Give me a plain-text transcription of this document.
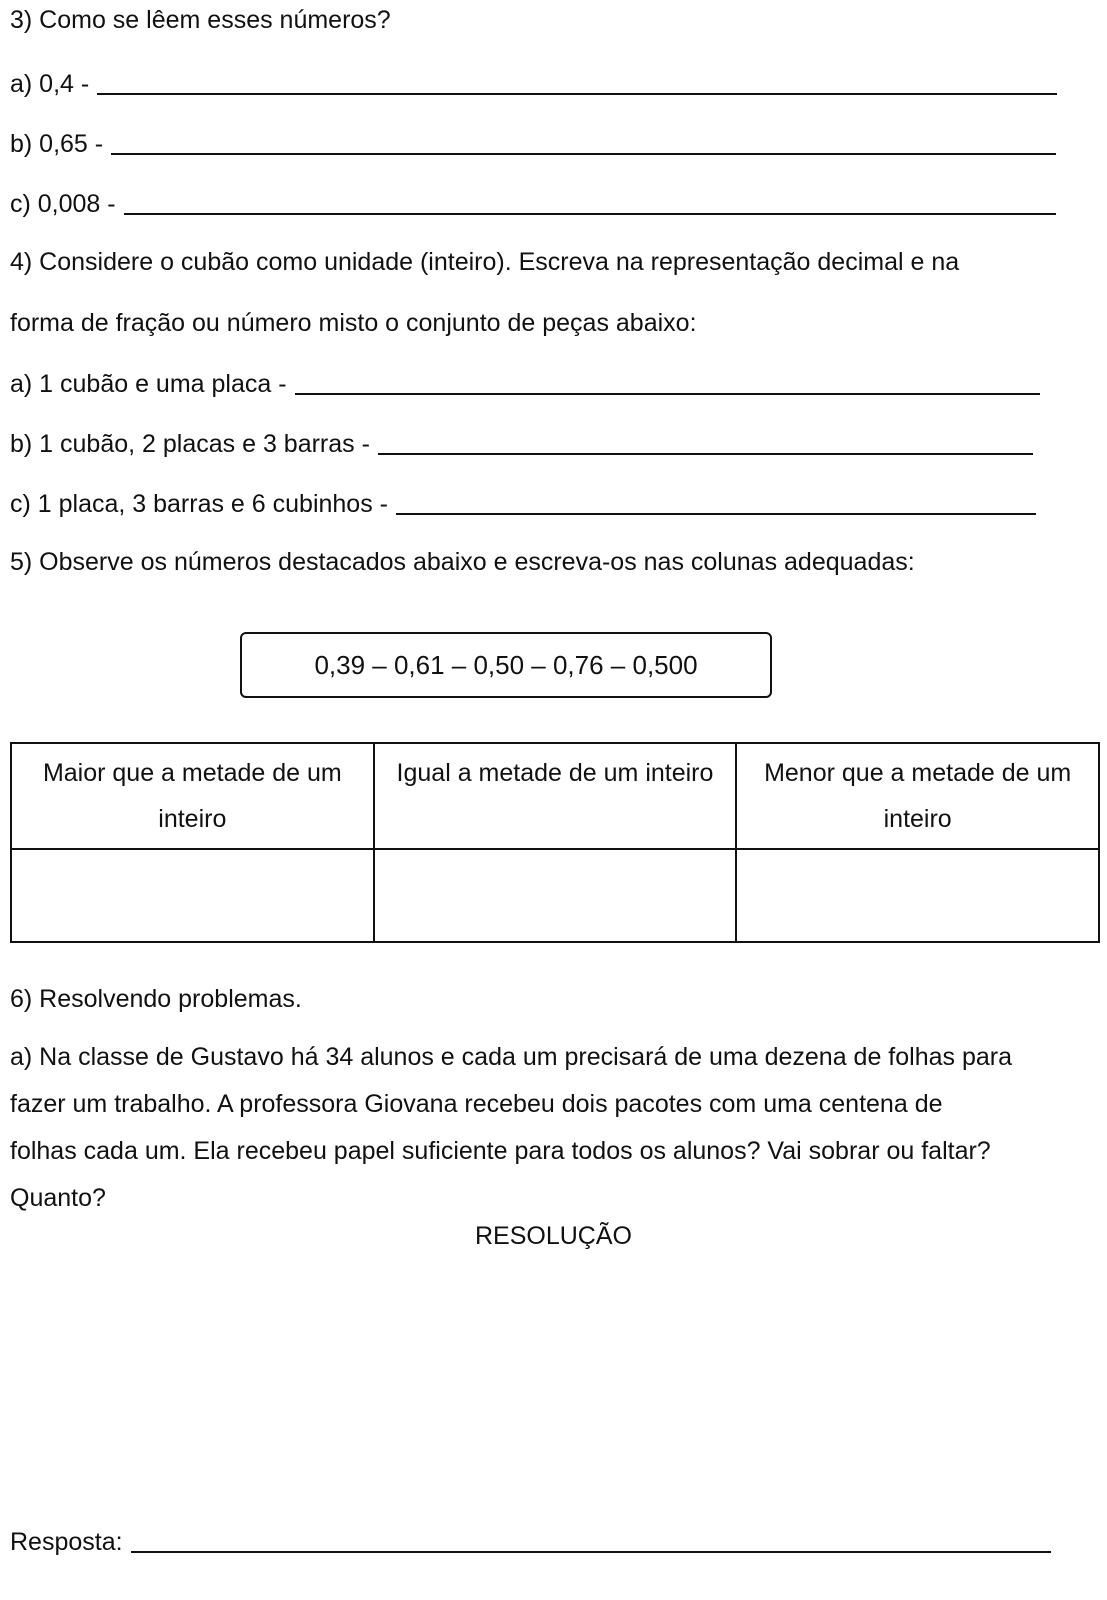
3) Como se lêem esses números?
a) 0,4 -
b) 0,65 -
c) 0,008 -
4) Considere o cubão como unidade (inteiro). Escreva na representação decimal e na
forma de fração ou número misto o conjunto de peças abaixo:
a) 1 cubão e uma placa -
b) 1 cubão, 2 placas e 3 barras -
c) 1 placa, 3 barras e 6 cubinhos -
5) Observe os números destacados abaixo e escreva-os nas colunas adequadas:
0,39 – 0,61 – 0,50 – 0,76 – 0,500
Maior que a metade de um inteiro	Igual a metade de um inteiro	Menor que a metade de um inteiro

6) Resolvendo problemas.
a) Na classe de Gustavo há 34 alunos e cada um precisará de uma dezena de folhas para
fazer um trabalho. A professora Giovana recebeu dois pacotes com uma centena de
folhas cada um. Ela recebeu papel suficiente para todos os alunos? Vai sobrar ou faltar?
Quanto?
RESOLUÇÃO
Resposta:
